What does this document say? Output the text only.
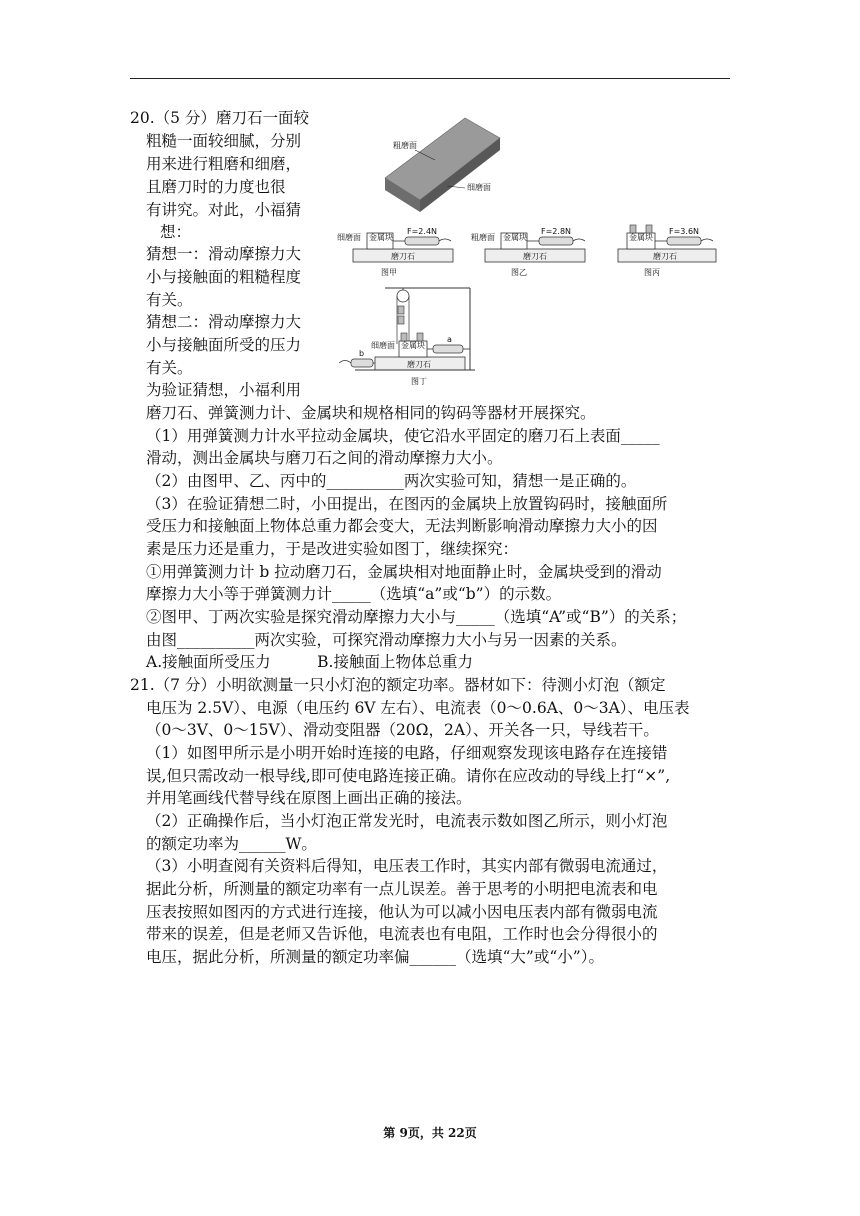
20.（5 分）磨刀石一面较
粗糙一面较细腻，分别
用来进行粗磨和细磨，
且磨刀时的力度也很
有讲究。对此，小福猜
想：
猜想一：滑动摩擦力大
小与接触面的粗糙程度
有关。
猜想二：滑动摩擦力大
小与接触面所受的压力
有关。
为验证猜想，小福利用
磨刀石、弹簧测力计、金属块和规格相同的钩码等器材开展探究。
（1）用弹簧测力计水平拉动金属块，使它沿水平固定的磨刀石上表面_____
滑动，测出金属块与磨刀石之间的滑动摩擦力大小。
（2）由图甲、乙、丙中的__________两次实验可知，猜想一是正确的。
（3）在验证猜想二时，小田提出，在图丙的金属块上放置钩码时，接触面所
受压力和接触面上物体总重力都会变大，无法判断影响滑动摩擦力大小的因
素是压力还是重力，于是改进实验如图丁，继续探究：
①用弹簧测力计 b 拉动磨刀石，金属块相对地面静止时，金属块受到的滑动
摩擦力大小等于弹簧测力计_____（选填“a”或“b”）的示数。
②图甲、丁两次实验是探究滑动摩擦力大小与_____（选填“A”或“B”）的关系；
由图__________两次实验，可探究滑动摩擦力大小与另一因素的关系。
A.接触面所受压力　　　B.接触面上物体总重力
21.（7 分）小明欲测量一只小灯泡的额定功率。器材如下：待测小灯泡（额定
电压为 2.5V）、电源（电压约 6V 左右）、电流表（0～0.6A、0～3A）、电压表
（0～3V、0～15V）、滑动变阻器（20Ω，2A）、开关各一只，导线若干。
（1）如图甲所示是小明开始时连接的电路，仔细观察发现该电路存在连接错
误,但只需改动一根导线,即可使电路连接正确。请你在应改动的导线上打“×”,
并用笔画线代替导线在原图上画出正确的接法。
（2）正确操作后，当小灯泡正常发光时，电流表示数如图乙所示，则小灯泡
的额定功率为______W。
（3）小明查阅有关资料后得知，电压表工作时，其实内部有微弱电流通过，
据此分析，所测量的额定功率有一点儿误差。善于思考的小明把电流表和电
压表按照如图丙的方式进行连接，他认为可以减小因电压表内部有微弱电流
带来的误差，但是老师又告诉他，电流表也有电阻，工作时也会分得很小的
电压，据此分析，所测量的额定功率偏______（选填“大”或“小”）。
粗磨面
细磨面
磨刀石
金属块
细磨面
F=2.4N
图甲
磨刀石
金属块
粗磨面
F=2.8N
图乙
磨刀石
金属块
F=3.6N
图丙
磨刀石
金属块
细磨面
a
b
图丁
第 9页，共 22页
